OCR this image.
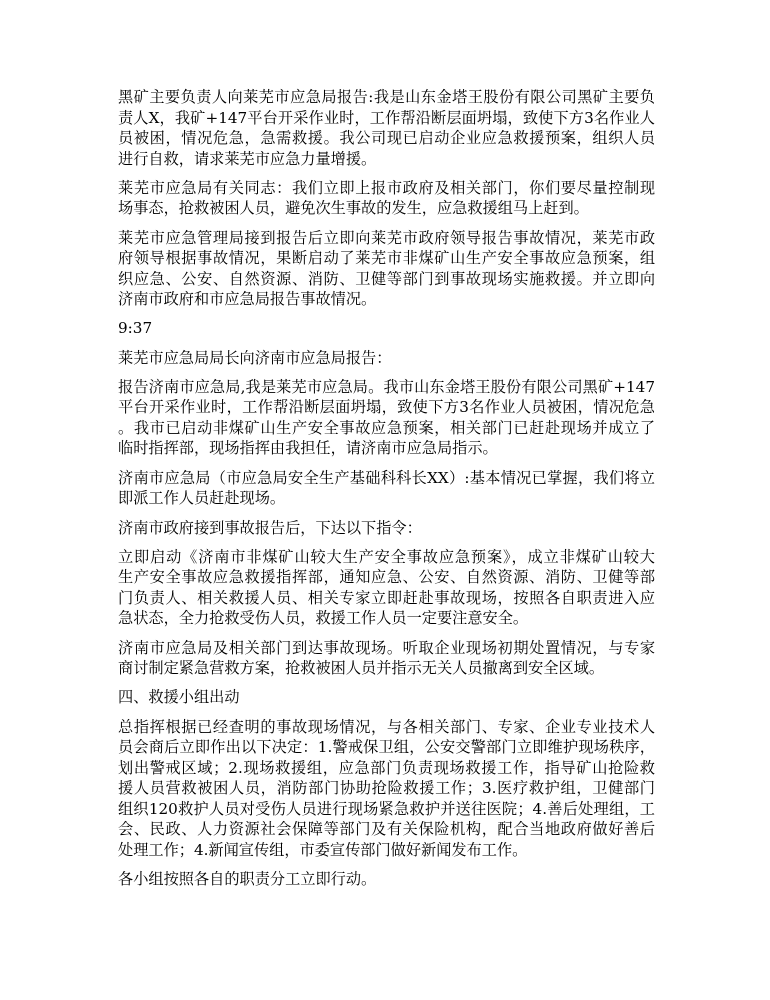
黑矿主要负责人向莱芜市应急局报告:我是山东金塔王股份有限公司黑矿主要负
责人X，我矿+147平台开采作业时，工作帮沿断层面坍塌，致使下方3名作业人
员被困，情况危急，急需救援。我公司现已启动企业应急救援预案，组织人员
进行自救，请求莱芜市应急力量增援。
莱芜市应急局有关同志：我们立即上报市政府及相关部门，你们要尽量控制现
场事态，抢救被困人员，避免次生事故的发生，应急救援组马上赶到。
莱芜市应急管理局接到报告后立即向莱芜市政府领导报告事故情况，莱芜市政
府领导根据事故情况，果断启动了莱芜市非煤矿山生产安全事故应急预案，组
织应急、公安、自然资源、消防、卫健等部门到事故现场实施救援。并立即向
济南市政府和市应急局报告事故情况。
9:37
莱芜市应急局局长向济南市应急局报告：
报告济南市应急局,我是莱芜市应急局。我市山东金塔王股份有限公司黑矿+147
平台开采作业时，工作帮沿断层面坍塌，致使下方3名作业人员被困，情况危急
。我市已启动非煤矿山生产安全事故应急预案，相关部门已赶赴现场并成立了
临时指挥部，现场指挥由我担任，请济南市应急局指示。
济南市应急局（市应急局安全生产基础科科长XX）:基本情况已掌握，我们将立
即派工作人员赶赴现场。
济南市政府接到事故报告后，下达以下指令：
立即启动《济南市非煤矿山较大生产安全事故应急预案》，成立非煤矿山较大
生产安全事故应急救援指挥部，通知应急、公安、自然资源、消防、卫健等部
门负责人、相关救援人员、相关专家立即赶赴事故现场，按照各自职责进入应
急状态，全力抢救受伤人员，救援工作人员一定要注意安全。
济南市应急局及相关部门到达事故现场。听取企业现场初期处置情况，与专家
商讨制定紧急营救方案，抢救被困人员并指示无关人员撤离到安全区域。
四、救援小组出动
总指挥根据已经查明的事故现场情况，与各相关部门、专家、企业专业技术人
员会商后立即作出以下决定：1.警戒保卫组，公安交警部门立即维护现场秩序，
划出警戒区域；2.现场救援组，应急部门负责现场救援工作，指导矿山抢险救
援人员营救被困人员，消防部门协助抢险救援工作；3.医疗救护组，卫健部门
组织120救护人员对受伤人员进行现场紧急救护并送往医院；4.善后处理组，工
会、民政、人力资源社会保障等部门及有关保险机构，配合当地政府做好善后
处理工作；4.新闻宣传组，市委宣传部门做好新闻发布工作。
各小组按照各自的职责分工立即行动。
